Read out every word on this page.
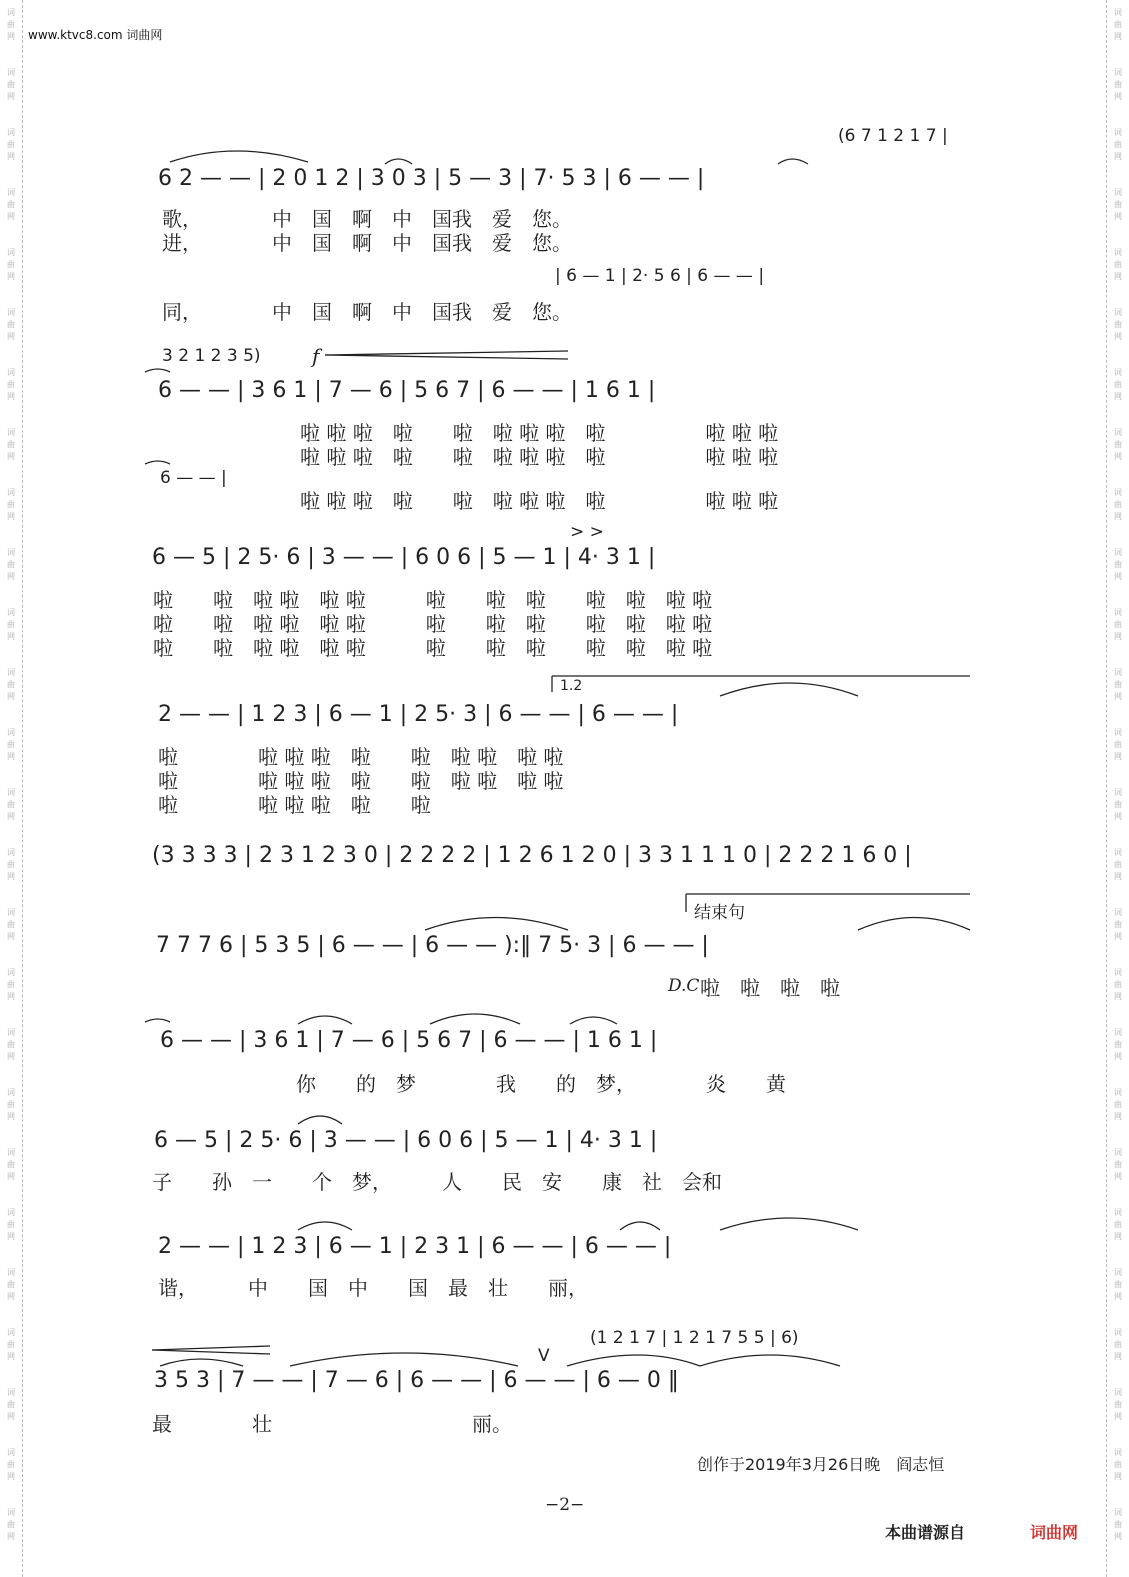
词
曲
网
词
曲
网
词
曲
网
词
曲
网
词
曲
网
词
曲
网
词
曲
网
词
曲
网
词
曲
网
词
曲
网
词
曲
网
词
曲
网
词
曲
网
词
曲
网
词
曲
网
词
曲
网
词
曲
网
词
曲
网
词
曲
网
词
曲
网
词
曲
网
词
曲
网
词
曲
网
词
曲
网
词
曲
网
词
曲
网
词
曲
网
词
曲
网
词
曲
网
词
曲
网
词
曲
网
词
曲
网
词
曲
网
词
曲
网
词
曲
网
词
曲
网
词
曲
网
词
曲
网
词
曲
网
词
曲
网
词
曲
网
词
曲
网
词
曲
网
词
曲
网
词
曲
网
词
曲
网
词
曲
网
词
曲
网
词
曲
网
词
曲
网
词
曲
网
词
曲
网
www.ktvc8.com 词曲网
(6 7 1 2 1 7 |
6 2 — — | 2 0 1 2 | 3 0 3 | 5 — 3 | 7· 5 3 | 6 — — |
歌，　　　　中　国　啊　中　国我　爱　您。
进，　　　　中　国　啊　中　国我　爱　您。
| 6 — 1 | 2· 5 6 | 6 — — |
同，　　　　中　国　啊　中　国我　爱　您。
3 2 1 2 3 5)	f
6 — — | 3 6 1 | 7 — 6 | 5 6 7 | 6 — — | 1 6 1 |
啦 啦 啦　啦　　啦　啦 啦 啦　啦　　　　　啦 啦 啦
啦 啦 啦　啦　　啦　啦 啦 啦　啦　　　　　啦 啦 啦
6 — — |
啦 啦 啦　啦　　啦　啦 啦 啦　啦　　　　　啦 啦 啦
> >
6 — 5 | 2 5· 6 | 3 — — | 6 0 6 | 5 — 1 | 4· 3 1 |
啦　　啦　啦 啦　啦 啦　　　啦　　啦　啦　　啦　啦　啦 啦
啦　　啦　啦 啦　啦 啦　　　啦　　啦　啦　　啦　啦　啦 啦
啦　　啦　啦 啦　啦 啦　　　啦　　啦　啦　　啦　啦　啦 啦
1.2
2 — — | 1 2 3 | 6 — 1 | 2 5· 3 | 6 — — | 6 — — |
啦　　　　啦 啦 啦　啦　　啦　啦 啦　啦 啦
啦　　　　啦 啦 啦　啦　　啦　啦 啦　啦 啦
啦　　　　啦 啦 啦　啦　　啦
(3 3 3 3 | 2 3 1 2 3 0 | 2 2 2 2 | 1 2 6 1 2 0 | 3 3 1 1 1 0 | 2 2 2 1 6 0 |
结束句
7 7 7 6 | 5 3 5 | 6 — — | 6 — — ):‖ 7 5· 3 | 6 — — |
D.C 啦　啦　啦　啦
6 — — | 3 6 1 | 7 — 6 | 5 6 7 | 6 — — | 1 6 1 |
你　　的　梦　　　　我　　的　梦，　　　　炎　　黄
6 — 5 | 2 5· 6 | 3 — — | 6 0 6 | 5 — 1 | 4· 3 1 |
子　　孙　一　　个　梦，　　　人　　民　安　　康　社　会和
2 — — | 1 2 3 | 6 — 1 | 2 3 1 | 6 — — | 6 — — |
谐，　　　中　　国　中　　国　最　壮　　丽，
(1 2 1 7 | 1 2 1 7 5 5 | 6)
V
3 5 3 | 7 — — | 7 — 6 | 6 — — | 6 — — | 6 — 0 ‖
最　　　　壮　　　　　　　　　　丽。
创作于2019年3月26日晚　阎志恒
−2−
本曲谱源自	词曲网
